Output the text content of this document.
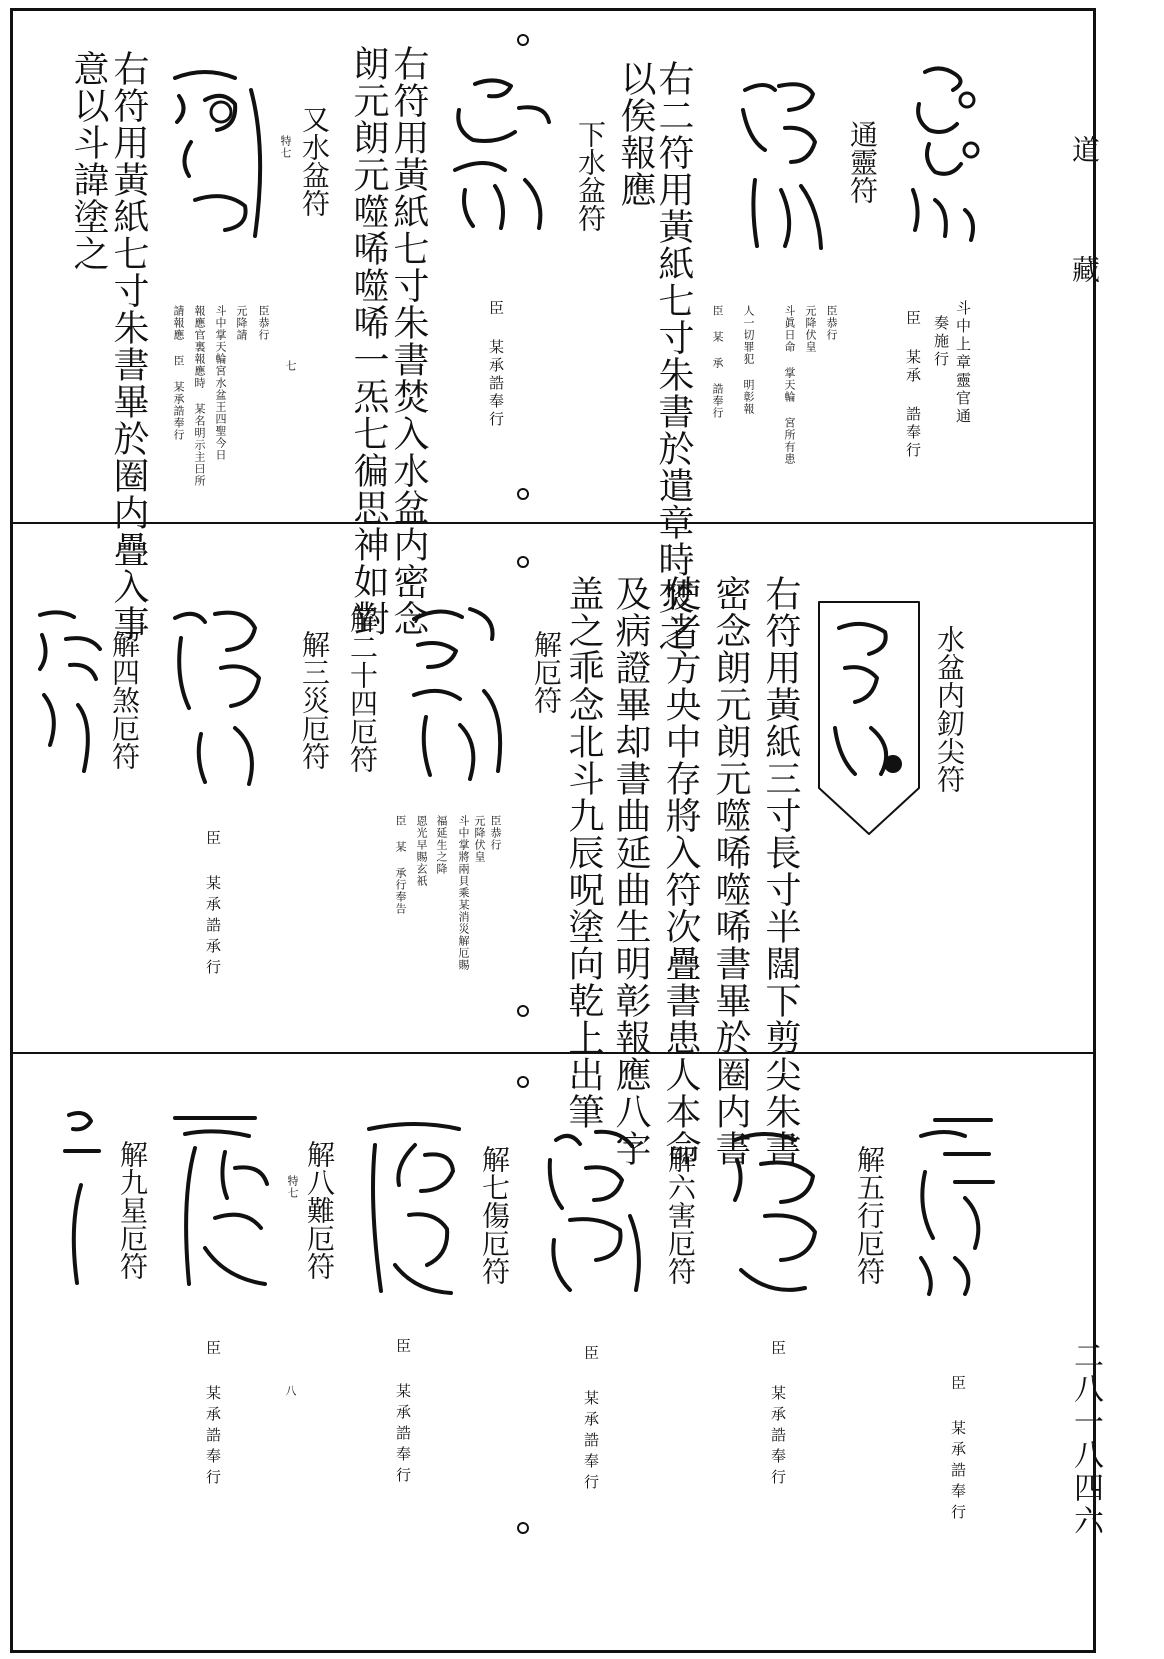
道
藏
二八一八四六
通靈符
斗中上章靈官通
奏施行
臣 某承 誥奉行
臣恭行
元降伏皇
斗眞日命 掌天輪 宮所有患
人一切罪犯 明彰報
臣 某 承 誥奉行
右二符用黃紙七寸朱書於遣章時焚之
以俟報應
下水盆符
臣 某承誥奉行
右符用黃紙七寸朱書焚入水盆内密念
朗元朗元噬唏噬唏一炁七徧思神如對
又水盆符
特七
七
臣恭行
元降請
斗中掌天輪宮水盆王四聖今日
報應官裏報應時 某名明示主曰所
請報應 臣 某承誥奉行
右符用黃紙七寸朱書畢於圈内疊入事
意以斗諱塗之
水盆内釖尖符
右符用黃紙三寸長寸半闊下剪尖朱書
密念朗元朗元噬唏噬唏書畢於圈内書
使者方央中存將入符次疊書患人本命
及病證畢却書曲延曲生明彰報應八字
盖之乖念北斗九辰呪塗向乾上出筆
解厄符
臣恭行
元降伏皇
斗中掌將兩貝乘某消災解厄賜
福延生之降
恩光早賜玄祇
臣 某 承行奉告
解二十四厄符
解三災厄符
解四煞厄符
臣 某承誥承行
解五行厄符
臣 某承誥奉行
解六害厄符
臣 某承誥奉行
解七傷厄符
臣 某承誥奉行
解八難厄符
特七
八	臣 某承誥奉行
解九星厄符
臣 某承誥奉行
